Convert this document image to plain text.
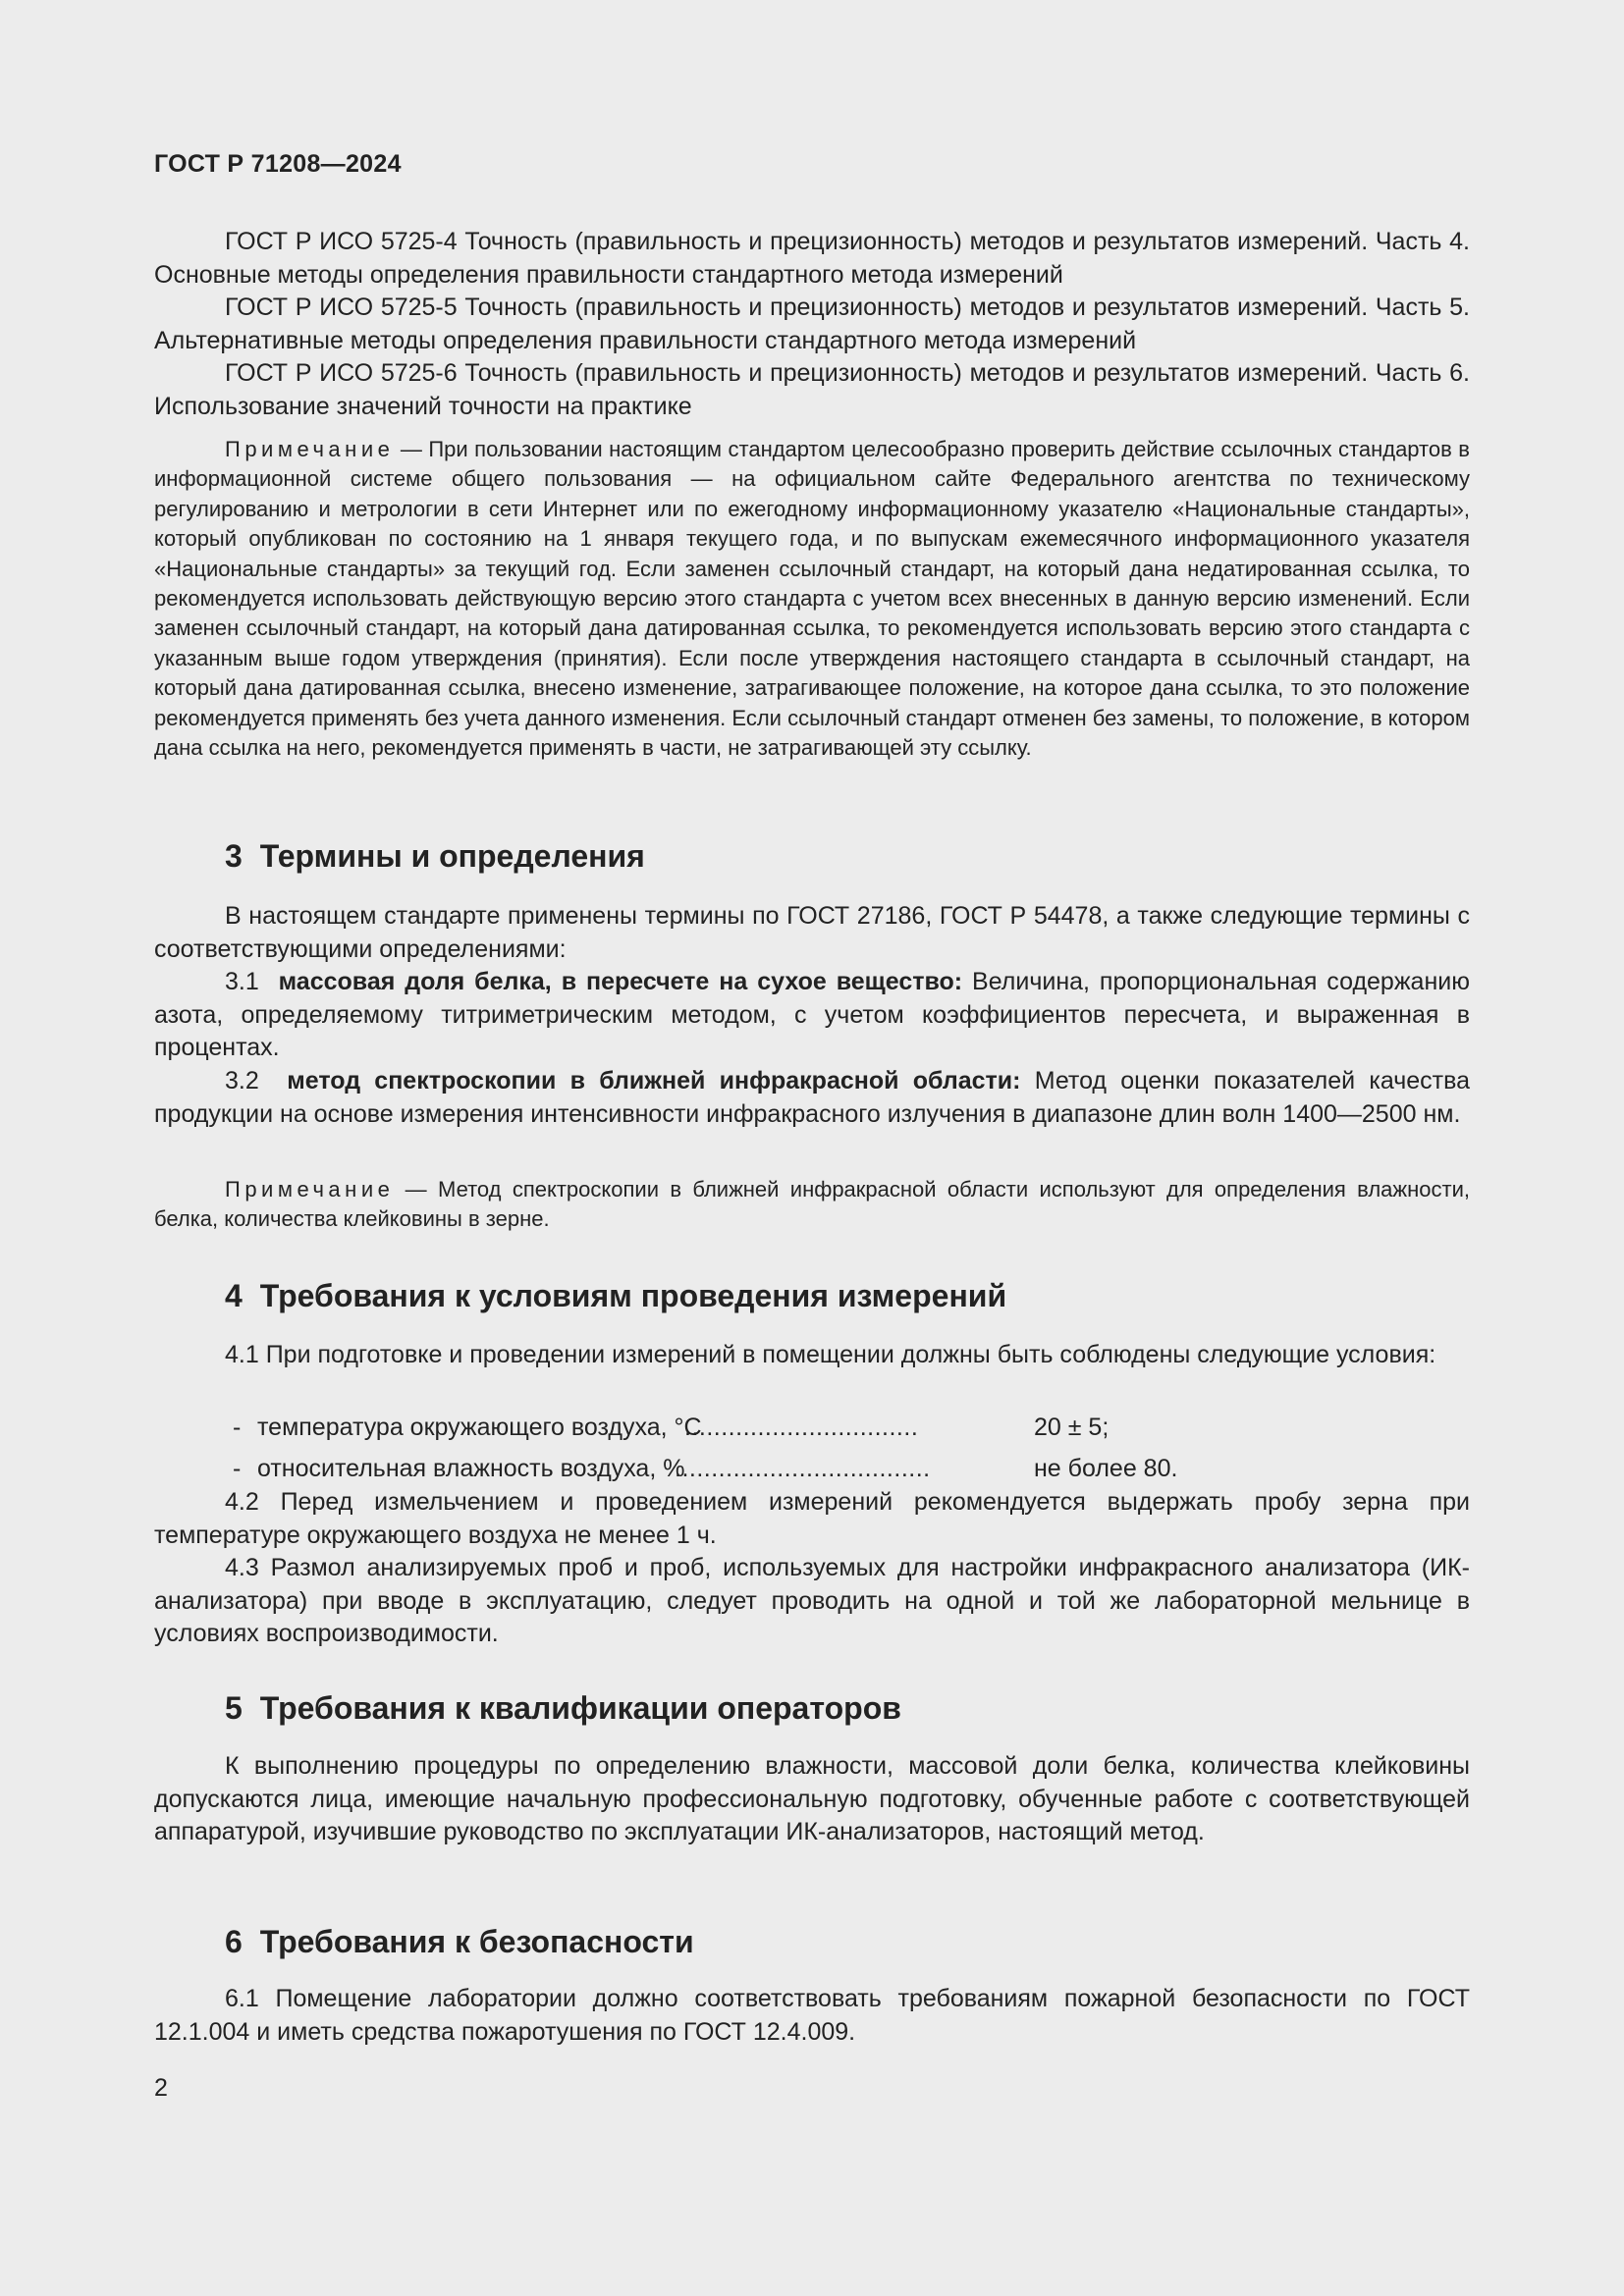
ГОСТ Р 71208—2024

ГОСТ Р ИСО 5725-4 Точность (правильность и прецизионность) методов и результатов измерений. Часть 4. Основные методы определения правильности стандартного метода измерений

ГОСТ Р ИСО 5725-5 Точность (правильность и прецизионность) методов и результатов измерений. Часть 5. Альтернативные методы определения правильности стандартного метода измерений

ГОСТ Р ИСО 5725-6 Точность (правильность и прецизионность) методов и результатов измерений. Часть 6. Использование значений точности на практике

Примечание — При пользовании настоящим стандартом целесообразно проверить действие ссылочных стандартов в информационной системе общего пользования — на официальном сайте Федерального агентства по техническому регулированию и метрологии в сети Интернет или по ежегодному информационному указателю «Национальные стандарты», который опубликован по состоянию на 1 января текущего года, и по выпускам ежемесячного информационного указателя «Национальные стандарты» за текущий год. Если заменен ссылочный стандарт, на который дана недатированная ссылка, то рекомендуется использовать действующую версию этого стандарта с учетом всех внесенных в данную версию изменений. Если заменен ссылочный стандарт, на который дана датированная ссылка, то рекомендуется использовать версию этого стандарта с указанным выше годом утверждения (принятия). Если после утверждения настоящего стандарта в ссылочный стандарт, на который дана датированная ссылка, внесено изменение, затрагивающее положение, на которое дана ссылка, то это положение рекомендуется применять без учета данного изменения. Если ссылочный стандарт отменен без замены, то положение, в котором дана ссылка на него, рекомендуется применять в части, не затрагивающей эту ссылку.

3 Термины и определения

В настоящем стандарте применены термины по ГОСТ 27186, ГОСТ Р 54478, а также следующие термины с соответствующими определениями:

3.1 массовая доля белка, в пересчете на сухое вещество: Величина, пропорциональная содержанию азота, определяемому титриметрическим методом, с учетом коэффициентов пересчета, и выраженная в процентах.

3.2 метод спектроскопии в ближней инфракрасной области: Метод оценки показателей качества продукции на основе измерения интенсивности инфракрасного излучения в диапазоне длин волн 1400—2500 нм.

Примечание — Метод спектроскопии в ближней инфракрасной области используют для определения влажности, белка, количества клейковины в зерне.

4 Требования к условиям проведения измерений

4.1 При подготовке и проведении измерений в помещении должны быть соблюдены следующие условия:

- температура окружающего воздуха, °С
................................	20 ± 5;
- относительная влажность воздуха, %
...................................	не более 80.

4.2 Перед измельчением и проведением измерений рекомендуется выдержать пробу зерна при температуре окружающего воздуха не менее 1 ч.

4.3 Размол анализируемых проб и проб, используемых для настройки инфракрасного анализатора (ИК-анализатора) при вводе в эксплуатацию, следует проводить на одной и той же лабораторной мельнице в условиях воспроизводимости.

5 Требования к квалификации операторов

К выполнению процедуры по определению влажности, массовой доли белка, количества клейковины допускаются лица, имеющие начальную профессиональную подготовку, обученные работе с соответствующей аппаратурой, изучившие руководство по эксплуатации ИК-анализаторов, настоящий метод.

6 Требования к безопасности

6.1 Помещение лаборатории должно соответствовать требованиям пожарной безопасности по ГОСТ 12.1.004 и иметь средства пожаротушения по ГОСТ 12.4.009.

2
